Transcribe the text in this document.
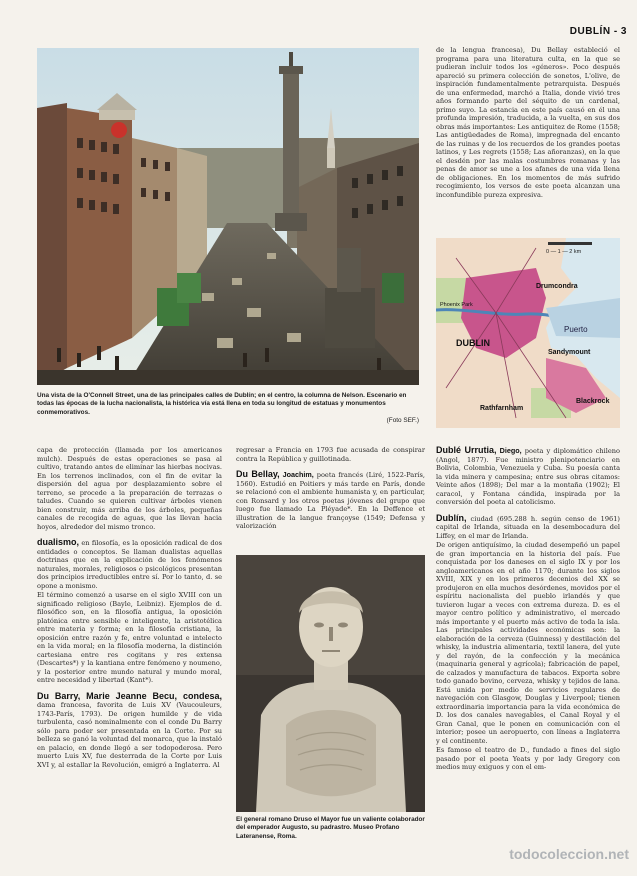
DUBLÍN - 3
Una vista de la O'Connell Street, una de las principales calles de Dublín; en el centro, la columna de Nelson. Escenario en todas las épocas de la lucha nacionalista, la histórica vía está llena en toda su longitud de estatuas y monumentos conmemorativos.
(Foto SEF.)

de la lengua francesa), Du Bellay estableció el programa para una literatura culta, en la que se pudieran incluir todos los «géneros». Poco después apareció su primera colección de sonetos, L'olive, de inspiración fundamentalmente petrarquista. Después de una enfermedad, marchó a Italia, donde vivió tres años formando parte del séquito de un cardenal, primo suyo. La estancia en este país causó en él una profunda impresión, traducida, a la vuelta, en sus dos obras más importantes: Les antiquitez de Rome (1558; Las antigüedades de Roma), impregnada del encanto de las ruinas y de los recuerdos de los grandes poetas latinos, y Les regrets (1558; Las añoranzas), en la que el desdén por las malas costumbres romanas y las penas de amor se une a los afanes de una vida llena de obligaciones. En los momentos de más sufrido recogimiento, los versos de este poeta alcanzan una inconfundible pureza expresiva.

0 — 1 — 2 km
Drumcondra
Phoenix Park
Puerto
DUBLIN
Sandymount
Blackrock
Rathfarnham

capa de protección (llamada por los americanos mulch). Después de estas operaciones se pasa al cultivo, tratando antes de eliminar las hierbas nocivas. En los terrenos inclinados, con el fin de evitar la dispersión del agua por desplazamiento sobre el terreno, se procede a la preparación de terrazas o taludes. Cuando se quieren cultivar árboles vienen bien construir, más arriba de los árboles, pequeñas canales de recogida de aguas, que las llevan hacia hoyos, alrededor del mismo tronco.

dualismo, en filosofía, es la oposición radical de dos entidades o conceptos. Se llaman dualistas aquellas doctrinas que en la explicación de los fenómenos naturales, morales, religiosos o psicológicos presentan dos principios irreductibles entre sí. Por lo tanto, d. se opone a monismo.

El término comenzó a usarse en el siglo XVIII con un significado religioso (Bayle, Leibniz). Ejemplos de d. filosófico son, en la filosofía antigua, la oposición platónica entre sensible e inteligente, la aristotélica entre materia y forma; en la filosofía cristiana, la oposición entre razón y fe, entre voluntad e intelecto en la vida moral; en la filosofía moderna, la distinción cartesiana entre res cogitans y res extensa (Descartes*) y la kantiana entre fenómeno y noumeno, y la posterior entre mundo natural y mundo moral, entre necesidad y libertad (Kant*).

Du Barry, Marie Jeanne Becu, condesa, dama francesa, favorita de Luis XV (Vaucouleurs, 1743-París, 1793). De origen humilde y de vida turbulenta, casó nominalmente con el conde Du Barry sólo para poder ser presentada en la Corte. Por su belleza se ganó la voluntad del monarca, que la instaló en palacio, en donde llegó a ser todopoderosa. Pero muerto Luis XV, fue desterrada de la Corte por Luis XVI y, al estallar la Revolución, emigró a Inglaterra. Al

regresar a Francia en 1793 fue acusada de conspirar contra la República y guillotinada.

Du Bellay, Joachim, poeta francés (Liré, 1522-París, 1560). Estudió en Poitiers y más tarde en París, donde se relacionó con el ambiente humanista y, en particular, con Ronsard y los otros poetas jóvenes del grupo que luego fue llamado La Pléyade*. En la Deffence et illustration de la langue françoyse (1549; Defensa y valorización

El general romano Druso el Mayor fue un valiente colaborador del emperador Augusto, su padrastro. Museo Profano Lateranense, Roma.

Dublé Urrutia, Diego, poeta y diplomático chileno (Angol, 1877). Fue ministro plenipotenciario en Bolivia, Colombia, Venezuela y Cuba. Su poesía canta la vida minera y campesina; entre sus obras citamos: Veinte años (1898); Del mar a la montaña (1902); El caracol, y Fontana cándida, inspirada por la conversión del poeta al catolicismo.

Dublín, ciudad (695.288 h. según censo de 1961) capital de Irlanda, situada en la desembocadura del Liffey, en el mar de Irlanda.

De origen antiquísimo, la ciudad desempeñó un papel de gran importancia en la historia del país. Fue conquistada por los daneses en el siglo IX y por los angloamericanos en el año 1170; durante los siglos XVIII, XIX y en los primeros decenios del XX se produjeron en ella muchos desórdenes, movidos por el espíritu nacionalista del pueblo irlandés y que tuvieron lugar a veces con extrema dureza. D. es el mayor centro político y administrativo, el mercado más importante y el puerto más activo de toda la isla. Las principales actividades económicas son: la elaboración de la cerveza (Guinness) y destilación del whisky, la industria alimentaria, textil lanera, del yute y del rayón, de la confección y la mecánica (maquinaria general y agrícola); fabricación de papel, de calzados y manufactura de tabacos. Exporta sobre todo ganado bovino, cerveza, whisky y tejidos de lana. Está unida por medio de servicios regulares de navegación con Glasgow, Douglas y Liverpool; tienen extraordinaria importancia para la vida económica de D. los dos canales navegables, el Canal Royal y el Gran Canal, que le ponen en comunicación con el interior; posee un aeropuerto, con líneas a Inglaterra y el continente.

Es famoso el teatro de D., fundado a fines del siglo pasado por el poeta Yeats y por lady Gregory con medios muy exiguos y con el em-

todocoleccion.net
